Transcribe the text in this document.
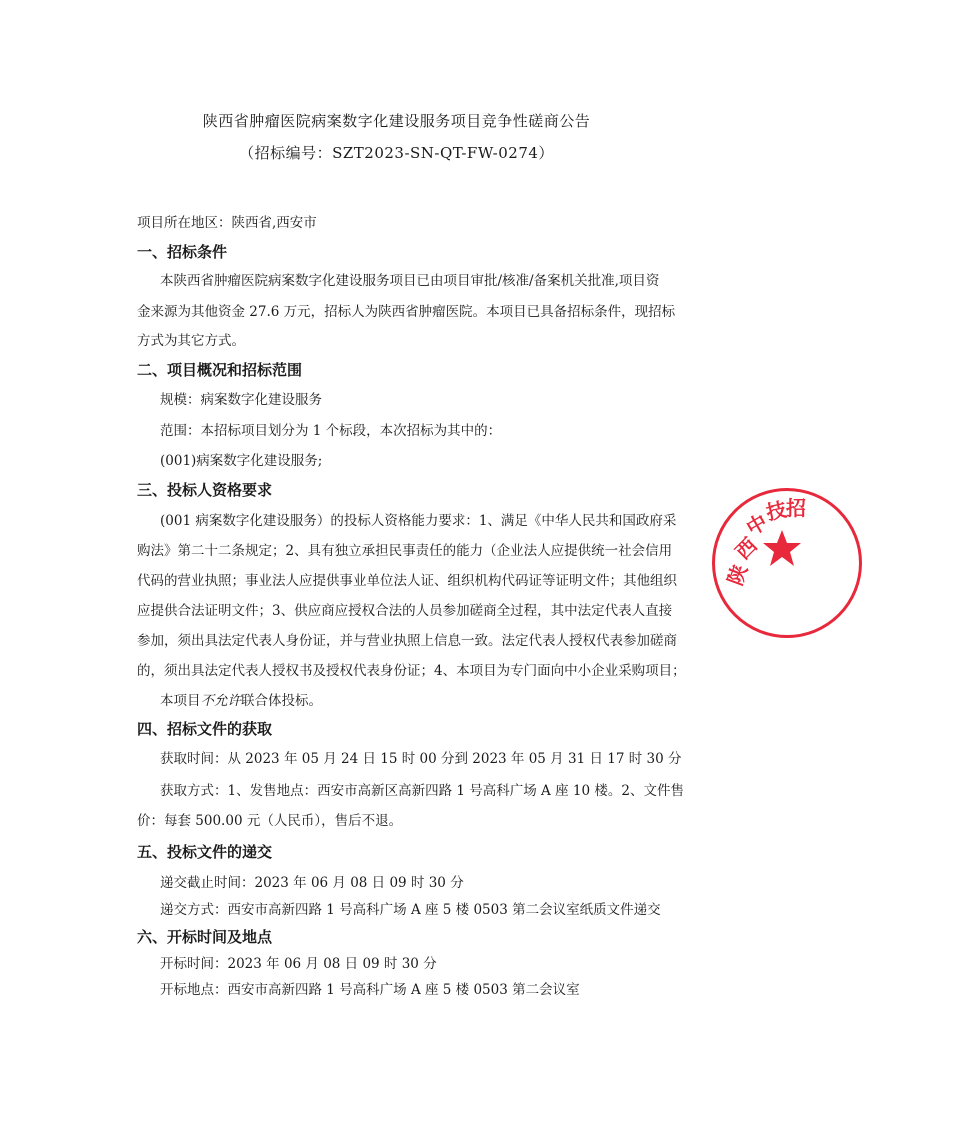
陕西省肿瘤医院病案数字化建设服务项目竞争性磋商公告
（招标编号：SZT2023-SN-QT-FW-0274）
项目所在地区：陕西省,西安市
一、招标条件
本陕西省肿瘤医院病案数字化建设服务项目已由项目审批/核准/备案机关批准,项目资
金来源为其他资金 27.6 万元，招标人为陕西省肿瘤医院。本项目已具备招标条件，现招标
方式为其它方式。
二、项目概况和招标范围
规模：病案数字化建设服务
范围：本招标项目划分为 1 个标段，本次招标为其中的：
(001)病案数字化建设服务;
三、投标人资格要求
(001 病案数字化建设服务）的投标人资格能力要求：1、满足《中华人民共和国政府采
购法》第二十二条规定；2、具有独立承担民事责任的能力（企业法人应提供统一社会信用
代码的营业执照；事业法人应提供事业单位法人证、组织机构代码证等证明文件；其他组织
应提供合法证明文件；3、供应商应授权合法的人员参加磋商全过程，其中法定代表人直接
参加，须出具法定代表人身份证，并与营业执照上信息一致。法定代表人授权代表参加磋商
的，须出具法定代表人授权书及授权代表身份证；4、本项目为专门面向中小企业采购项目；
本项目不允许联合体投标。
四、招标文件的获取
获取时间：从 2023 年 05 月 24 日 15 时 00 分到 2023 年 05 月 31 日 17 时 30 分
获取方式：1、发售地点：西安市高新区高新四路 1 号高科广场 A 座 10 楼。2、文件售
价：每套 500.00 元（人民币），售后不退。
五、投标文件的递交
递交截止时间：2023 年 06 月 08 日 09 时 30 分
递交方式：西安市高新四路 1 号高科广场 A 座 5 楼 0503 第二会议室纸质文件递交
六、开标时间及地点
开标时间：2023 年 06 月 08 日 09 时 30 分
开标地点：西安市高新四路 1 号高科广场 A 座 5 楼 0503 第二会议室
陕
西
中
技
招
